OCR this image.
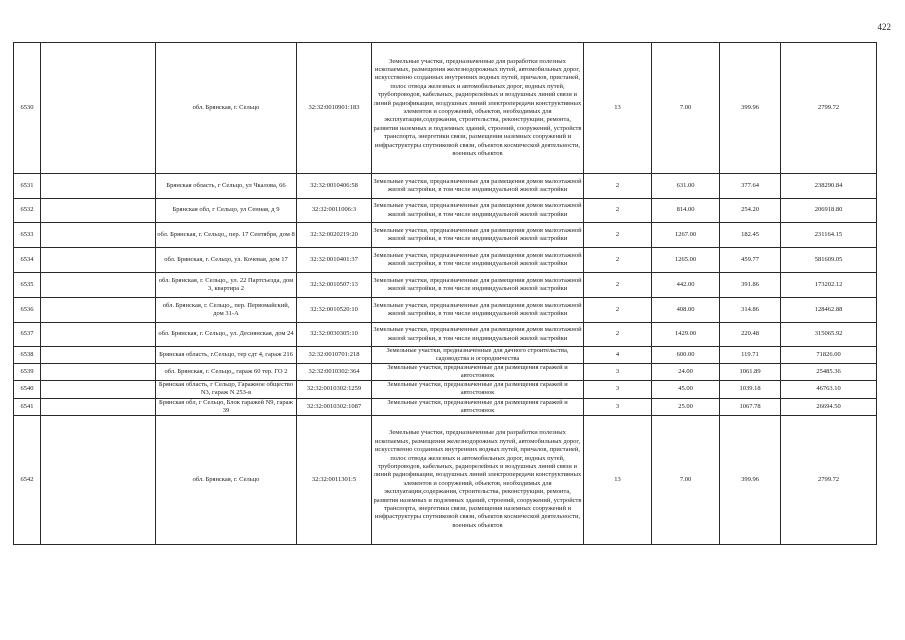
422
6530		обл. Брянская, г. Сельцо	32:32:0010901:183	Земельные участки, предназначенные для разработки полезных ископаемых, размещения железнодорожных путей, автомобильных дорог, искусственно созданных внутренних водных путей, причалов, пристаней, полос отвода железных и автомобильных дорог, водных путей, трубопроводов, кабельных, радиорелейных и воздушных линий связи и линий радиофикации, воздушных линий электропередачи конструктивных элементов и сооружений, объектов, необходимых для эксплуатации,содержания, строительства, реконструкции, ремонта, развития наземных и подземных зданий, строений, сооружений, устройств транспорта, энергетики связи, размещения наземных сооружений и инфраструктуры спутниковой связи, объектов космической деятельности, военных объектов	13	7.00	399.96	2799.72
6531		Брянская область, г Сельцо, ул Чкалова, 66	32:32:0010406:58	Земельные участки, предназначенные для размещения домов малоэтажной жилой застройки, в том числе индивидуальной жилой застройки	2	631.00	377.64	238290.84
6532		Брянская обл, г Сельцо, ул Сенная, д 9	32:32:0011006:3	Земельные участки, предназначенные для размещения домов малоэтажной жилой застройки, в том числе индивидуальной жилой застройки	2	814.00	254.20	206918.80
6533		обл. Брянская, г. Сельцо,, пер. 17 Сентября, дом 8	32:32:0020219:20	Земельные участки, предназначенные для размещения домов малоэтажной жилой застройки, в том числе индивидуальной жилой застройки	2	1267.00	182.45	231164.15
6534		обл. Брянская, г. Сельцо, ул. Кочевая, дом 17	32:32:0010401:37	Земельные участки, предназначенные для размещения домов малоэтажной жилой застройки, в том числе индивидуальной жилой застройки	2	1265.00	459.77	581609.05
6535		обл. Брянская, г. Сельцо,, ул. 22 Партсъезда, дом 3, квартира 2	32:32:0010507:13	Земельные участки, предназначенные для размещения домов малоэтажной жилой застройки, в том числе индивидуальной жилой застройки	2	442.00	391.86	173202.12
6536		обл. Брянская, г. Сельцо,, пер. Первомайский, дом 31-А	32:32:0010520:10	Земельные участки, предназначенные для размещения домов малоэтажной жилой застройки, в том числе индивидуальной жилой застройки	2	408.00	314.86	128462.88
6537		обл. Брянская, г. Сельцо,, ул. Деснянская, дом 24	32:32:0030305:10	Земельные участки, предназначенные для размещения домов малоэтажной жилой застройки, в том числе индивидуальной жилой застройки	2	1429.00	220.48	315065.92
6538		Брянская область, г.Сельцо, тер сдт 4, гараж 216	32:32:0010701:218	Земельные участки, предназначенные для дачного строительства, садоводства и огородничества	4	600.00	119.71	71826.00
6539		обл. Брянская, г. Сельцо,, гараж 60 тер. ГО 2	32:32:0010302:364	Земельные участки, предназначенные для размещения гаражей и автостоянок	3	24.00	1061.89	25485.36
6540		Брянская область, г Сельцо, Гаражное общество N3, гараж N 253-в	32:32:0010302:1259	Земельные участки, предназначенные для размещения гаражей и автостоянок	3	45.00	1039.18	46763.10
6541		Брянская обл, г Сельцо, Блок гаражей N9, гараж 39	32:32:0010302:1087	Земельные участки, предназначенные для размещения гаражей и автостоянок	3	25.00	1067.78	26694.50
6542		обл. Брянская, г. Сельцо	32:32:0011301:5	Земельные участки, предназначенные для разработки полезных ископаемых, размещения железнодорожных путей, автомобильных дорог, искусственно созданных внутренних водных путей, причалов, пристаней, полос отвода железных и автомобильных дорог, водных путей, трубопроводов, кабельных, радиорелейных и воздушных линий связи и линий радиофикации, воздушных линий электропередачи конструктивных элементов и сооружений, объектов, необходимых для эксплуатации,содержания, строительства, реконструкции, ремонта, развития наземных и подземных зданий, строений, сооружений, устройств транспорта, энергетики связи, размещения наземных сооружений и инфраструктуры спутниковой связи, объектов космической деятельности, военных объектов	13	7.00	399.96	2799.72
